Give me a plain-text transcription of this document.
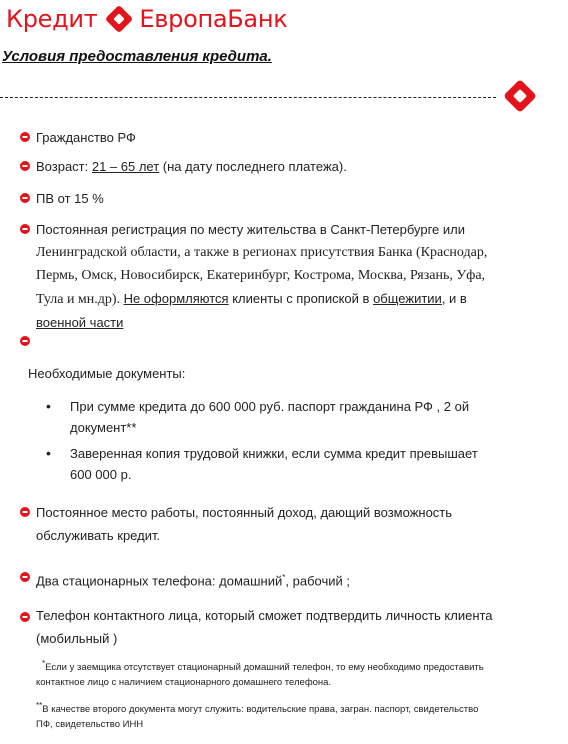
Кредит ЕвропаБанк
Условия предоставления кредита.
Гражданство РФ
Возраст: 21 – 65 лет (на дату последнего платежа).
ПВ от 15 %
Постоянная регистрация по месту жительства в Санкт-Петербурге или
Ленинградской области, а также в регионах присутствия Банка (Краснодар,
Пермь, Омск, Новосибирск, Екатеринбург, Кострома, Москва, Рязань, Уфа,
Тула и мн.др). Не оформляются клиенты с пропиской в общежитии, и в
военной части
Необходимые документы:
• При сумме кредита до 600 000 руб. паспорт гражданина РФ , 2 ой
документ**
• Заверенная копия трудовой книжки, если сумма кредит превышает
600 000 р.
Постоянное место работы, постоянный доход, дающий возможность
обслуживать кредит.
Два стационарных телефона: домашний*, рабочий ;
Телефон контактного лица, который сможет подтвердить личность клиента
(мобильный )
*Если у заемщика отсутствует стационарный домашний телефон, то ему необходимо предоставить
контактное лицо с наличием стационарного домашнего телефона.
**В качестве второго документа могут служить: водительские права, загран. паспорт, свидетельство
ПФ, свидетельство ИНН
